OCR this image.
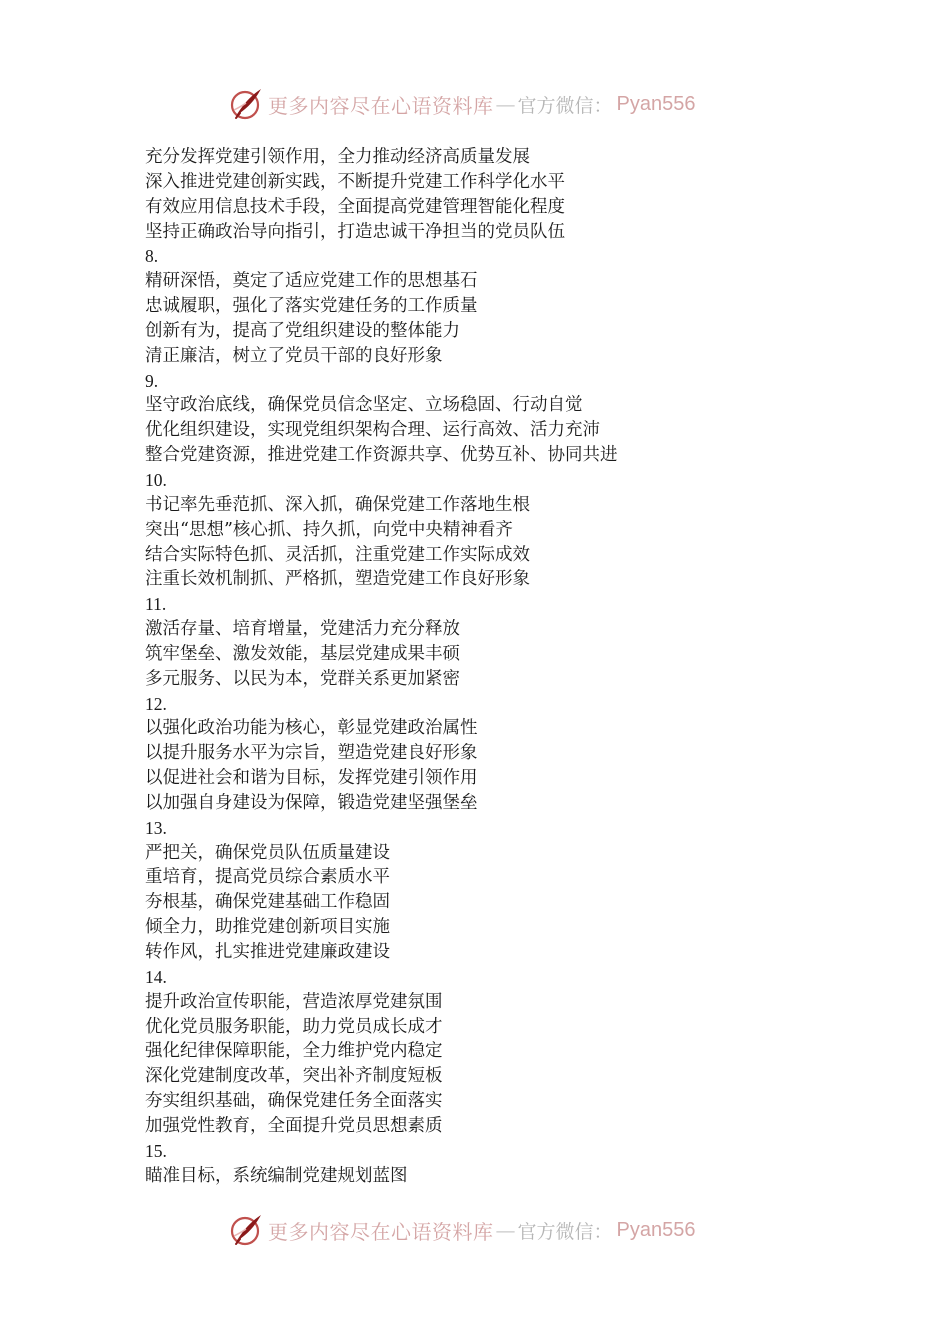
更多内容尽在心语资料库 — 官方微信： Pyan556
充分发挥党建引领作用，全力推动经济高质量发展
深入推进党建创新实践，不断提升党建工作科学化水平
有效应用信息技术手段，全面提高党建管理智能化程度
坚持正确政治导向指引，打造忠诚干净担当的党员队伍
8.
精研深悟，奠定了适应党建工作的思想基石
忠诚履职，强化了落实党建任务的工作质量
创新有为，提高了党组织建设的整体能力
清正廉洁，树立了党员干部的良好形象
9.
坚守政治底线，确保党员信念坚定、立场稳固、行动自觉
优化组织建设，实现党组织架构合理、运行高效、活力充沛
整合党建资源，推进党建工作资源共享、优势互补、协同共进
10.
书记率先垂范抓、深入抓，确保党建工作落地生根
突出“思想”核心抓、持久抓，向党中央精神看齐
结合实际特色抓、灵活抓，注重党建工作实际成效
注重长效机制抓、严格抓，塑造党建工作良好形象
11.
激活存量、培育增量，党建活力充分释放
筑牢堡垒、激发效能，基层党建成果丰硕
多元服务、以民为本，党群关系更加紧密
12.
以强化政治功能为核心，彰显党建政治属性
以提升服务水平为宗旨，塑造党建良好形象
以促进社会和谐为目标，发挥党建引领作用
以加强自身建设为保障，锻造党建坚强堡垒
13.
严把关，确保党员队伍质量建设
重培育，提高党员综合素质水平
夯根基，确保党建基础工作稳固
倾全力，助推党建创新项目实施
转作风，扎实推进党建廉政建设
14.
提升政治宣传职能，营造浓厚党建氛围
优化党员服务职能，助力党员成长成才
强化纪律保障职能，全力维护党内稳定
深化党建制度改革，突出补齐制度短板
夯实组织基础，确保党建任务全面落实
加强党性教育，全面提升党员思想素质
15.
瞄准目标，系统编制党建规划蓝图
更多内容尽在心语资料库 — 官方微信： Pyan556
